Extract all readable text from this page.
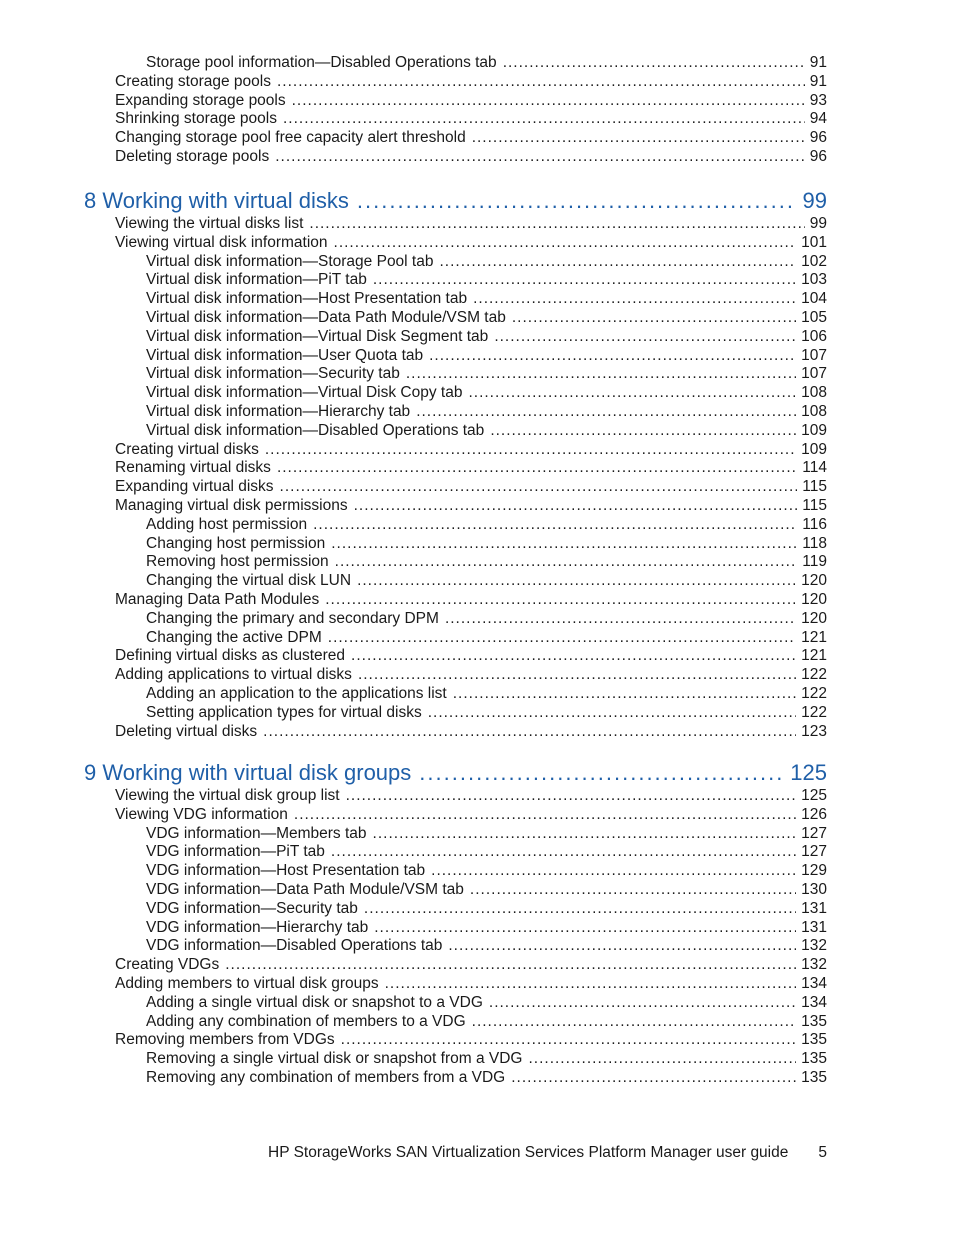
Storage pool information—Disabled Operations tab .....	91
Creating storage pools .....	91
Expanding storage pools .....	93
Shrinking storage pools .....	94
Changing storage pool free capacity alert threshold .....	96
Deleting storage pools .....	96
8 Working with virtual disks .....	99
Viewing the virtual disks list .....	99
Viewing virtual disk information .....	101
Virtual disk information—Storage Pool tab .....	102
Virtual disk information—PiT tab .....	103
Virtual disk information—Host Presentation tab .....	104
Virtual disk information—Data Path Module/VSM tab .....	105
Virtual disk information—Virtual Disk Segment tab .....	106
Virtual disk information—User Quota tab .....	107
Virtual disk information—Security tab .....	107
Virtual disk information—Virtual Disk Copy tab .....	108
Virtual disk information—Hierarchy tab .....	108
Virtual disk information—Disabled Operations tab .....	109
Creating virtual disks .....	109
Renaming virtual disks .....	114
Expanding virtual disks .....	115
Managing virtual disk permissions .....	115
Adding host permission .....	116
Changing host permission .....	118
Removing host permission .....	119
Changing the virtual disk LUN .....	120
Managing Data Path Modules .....	120
Changing the primary and secondary DPM .....	120
Changing the active DPM .....	121
Defining virtual disks as clustered .....	121
Adding applications to virtual disks .....	122
Adding an application to the applications list .....	122
Setting application types for virtual disks .....	122
Deleting virtual disks .....	123
9 Working with virtual disk groups .....	125
Viewing the virtual disk group list .....	125
Viewing VDG information .....	126
VDG information—Members tab .....	127
VDG information—PiT tab .....	127
VDG information—Host Presentation tab .....	129
VDG information—Data Path Module/VSM tab .....	130
VDG information—Security tab .....	131
VDG information—Hierarchy tab .....	131
VDG information—Disabled Operations tab .....	132
Creating VDGs .....	132
Adding members to virtual disk groups .....	134
Adding a single virtual disk or snapshot to a VDG .....	134
Adding any combination of members to a VDG .....	135
Removing members from VDGs .....	135
Removing a single virtual disk or snapshot from a VDG .....	135
Removing any combination of members from a VDG .....	135
HP StorageWorks SAN Virtualization Services Platform Manager user guide 5
